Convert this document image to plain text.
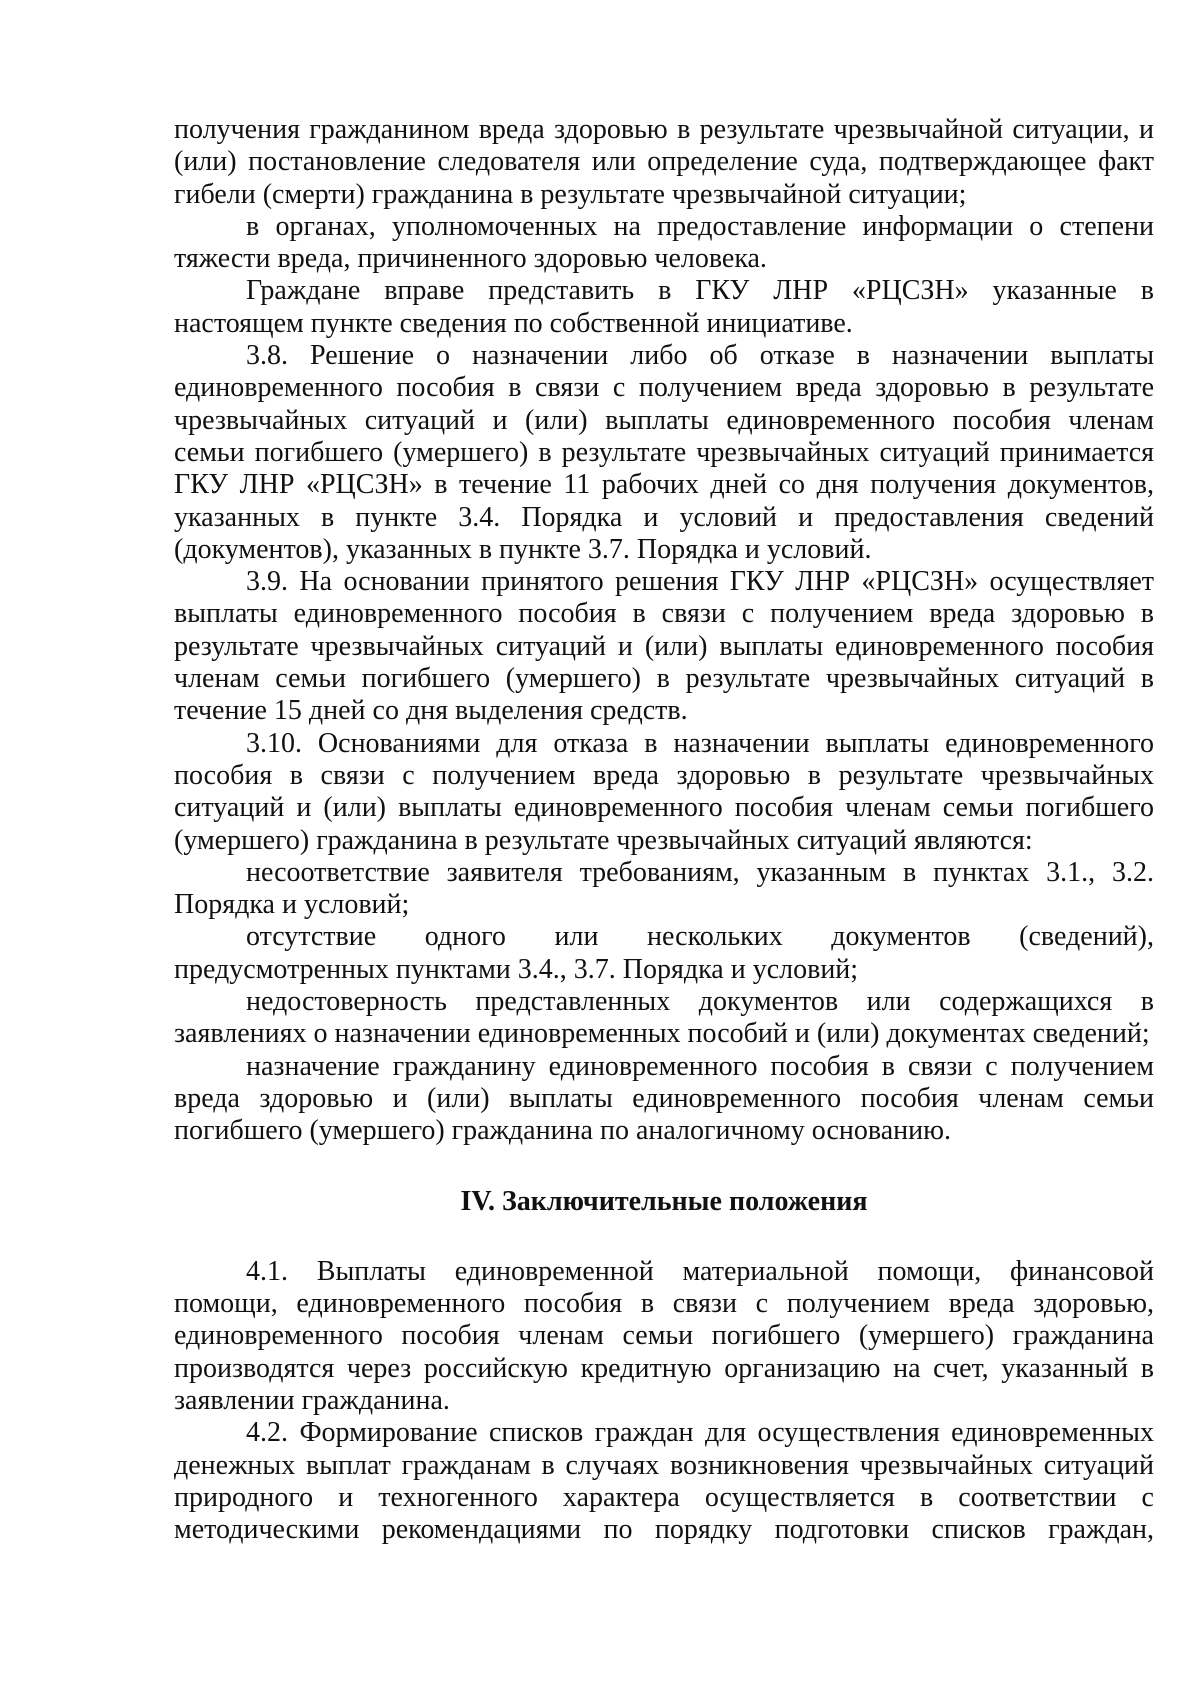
получения гражданином вреда здоровью в результате чрезвычайной ситуации, и (или) постановление следователя или определение суда, подтверждающее факт гибели (смерти) гражданина в результате чрезвычайной ситуации;

в органах, уполномоченных на предоставление информации о степени тяжести вреда, причиненного здоровью человека.

Граждане вправе представить в ГКУ ЛНР «РЦСЗН» указанные в настоящем пункте сведения по собственной инициативе.

3.8. Решение о назначении либо об отказе в назначении выплаты единовременного пособия в связи с получением вреда здоровью в результате чрезвычайных ситуаций и (или) выплаты единовременного пособия членам семьи погибшего (умершего) в результате чрезвычайных ситуаций принимается ГКУ ЛНР «РЦСЗН» в течение 11 рабочих дней со дня получения документов, указанных в пункте 3.4. Порядка и условий и предоставления сведений (документов), указанных в пункте 3.7. Порядка и условий.

3.9. На основании принятого решения ГКУ ЛНР «РЦСЗН» осуществляет выплаты единовременного пособия в связи с получением вреда здоровью в результате чрезвычайных ситуаций и (или) выплаты единовременного пособия членам семьи погибшего (умершего) в результате чрезвычайных ситуаций в течение 15 дней со дня выделения средств.

3.10. Основаниями для отказа в назначении выплаты единовременного пособия в связи с получением вреда здоровью в результате чрезвычайных ситуаций и (или) выплаты единовременного пособия членам семьи погибшего (умершего) гражданина в результате чрезвычайных ситуаций являются:

несоответствие заявителя требованиям, указанным в пунктах 3.1., 3.2. Порядка и условий;

отсутствие одного или нескольких документов (сведений), предусмотренных пунктами 3.4., 3.7. Порядка и условий;

недостоверность представленных документов или содержащихся в заявлениях о назначении единовременных пособий и (или) документах сведений;

назначение гражданину единовременного пособия в связи с получением вреда здоровью и (или) выплаты единовременного пособия членам семьи погибшего (умершего) гражданина по аналогичному основанию.

IV. Заключительные положения

4.1. Выплаты единовременной материальной помощи, финансовой помощи, единовременного пособия в связи с получением вреда здоровью, единовременного пособия членам семьи погибшего (умершего) гражданина производятся через российскую кредитную организацию на счет, указанный в заявлении гражданина.

4.2. Формирование списков граждан для осуществления единовременных денежных выплат гражданам в случаях возникновения чрезвычайных ситуаций природного и техногенного характера осуществляется в соответствии с методическими рекомендациями по порядку подготовки списков граждан,
